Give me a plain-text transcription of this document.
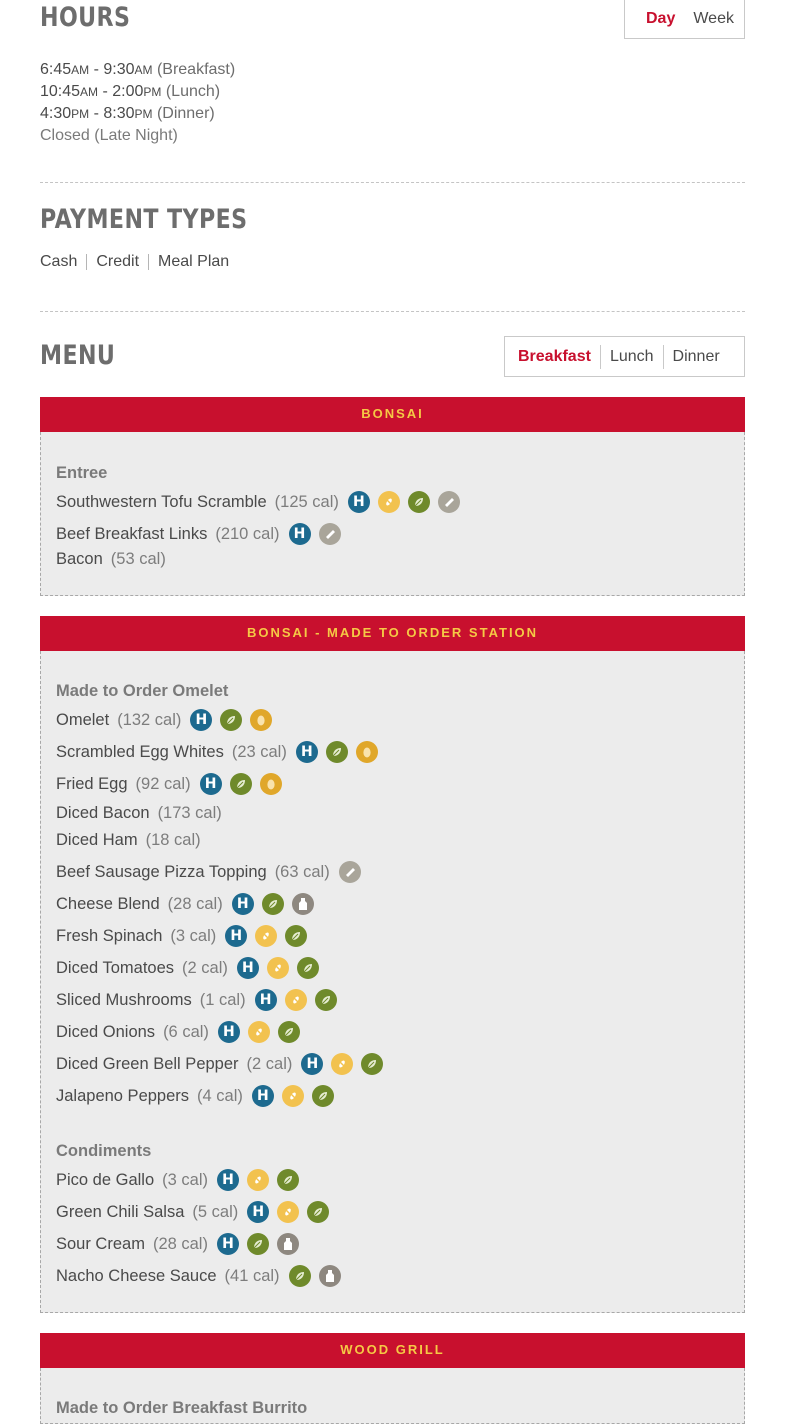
HOURS	Day	Week
6:45AM - 9:30AM (Breakfast)
10:45AM - 2:00PM (Lunch)
4:30PM - 8:30PM (Dinner)
Closed (Late Night)
PAYMENT TYPES
Cash Credit Meal Plan
MENU	Breakfast	Lunch	Dinner
BONSAI
Entree
Southwestern Tofu Scramble (125 cal)	H
Beef Breakfast Links (210 cal)	H
Bacon (53 cal)
BONSAI - MADE TO ORDER STATION
Made to Order Omelet
Omelet (132 cal)	H
Scrambled Egg Whites (23 cal)	H
Fried Egg (92 cal)	H
Diced Bacon (173 cal)
Diced Ham (18 cal)
Beef Sausage Pizza Topping (63 cal)
Cheese Blend (28 cal)	H
Fresh Spinach (3 cal)	H
Diced Tomatoes (2 cal)	H
Sliced Mushrooms (1 cal)	H
Diced Onions (6 cal)	H
Diced Green Bell Pepper (2 cal)	H
Jalapeno Peppers (4 cal)	H
Condiments
Pico de Gallo (3 cal)	H
Green Chili Salsa (5 cal)	H
Sour Cream (28 cal)	H
Nacho Cheese Sauce (41 cal)
WOOD GRILL
Made to Order Breakfast Burrito
